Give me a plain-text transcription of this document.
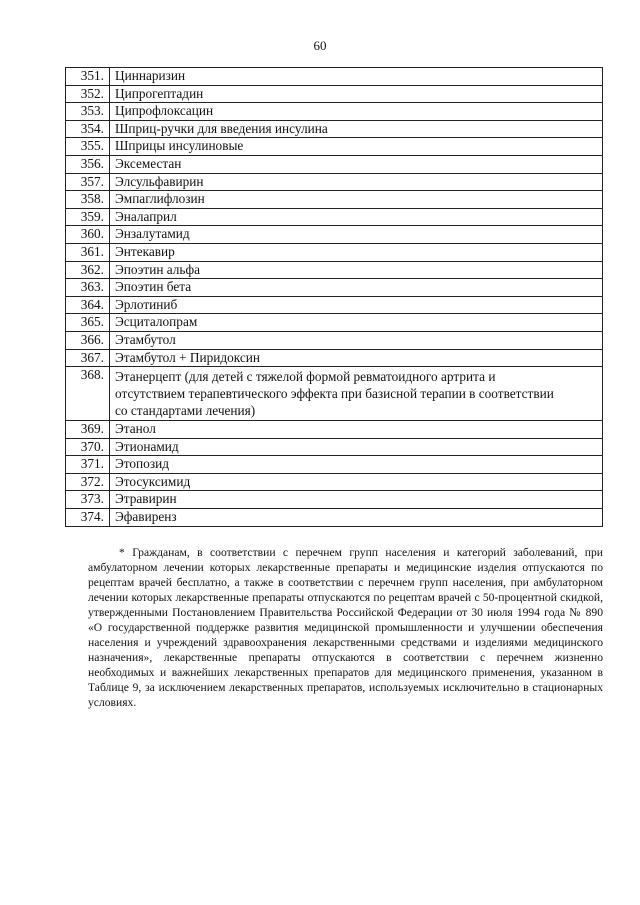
60
351.	Циннаризин
352.	Ципрогептадин
353.	Ципрофлоксацин
354.	Шприц-ручки для введения инсулина
355.	Шприцы инсулиновые
356.	Эксеместан
357.	Элсульфавирин
358.	Эмпаглифлозин
359.	Эналаприл
360.	Энзалутамид
361.	Энтекавир
362.	Эпоэтин альфа
363.	Эпоэтин бета
364.	Эрлотиниб
365.	Эсциталопрам
366.	Этамбутол
367.	Этамбутол + Пиридоксин
368.	Этанерцепт (для детей с тяжелой формой ревматоидного артрита и отсутствием терапевтического эффекта при базисной терапии в соответствии со стандартами лечения)
369.	Этанол
370.	Этионамид
371.	Этопозид
372.	Этосуксимид
373.	Этравирин
374.	Эфавиренз

* Гражданам, в соответствии с перечнем групп населения и категорий заболеваний, при амбулаторном лечении которых лекарственные препараты и медицинские изделия отпускаются по рецептам врачей бесплатно, а также в соответствии с перечнем групп населения, при амбулаторном лечении которых лекарственные препараты отпускаются по рецептам врачей с 50-процентной скидкой, утвержденными Постановлением Правительства Российской Федерации от 30 июля 1994 года № 890 «О государственной поддержке развития медицинской промышленности и улучшении обеспечения населения и учреждений здравоохранения лекарственными средствами и изделиями медицинского назначения», лекарственные препараты отпускаются в соответствии с перечнем жизненно необходимых и важнейших лекарственных препаратов для медицинского применения, указанном в Таблице 9, за исключением лекарственных препаратов, используемых исключительно в стационарных условиях.
